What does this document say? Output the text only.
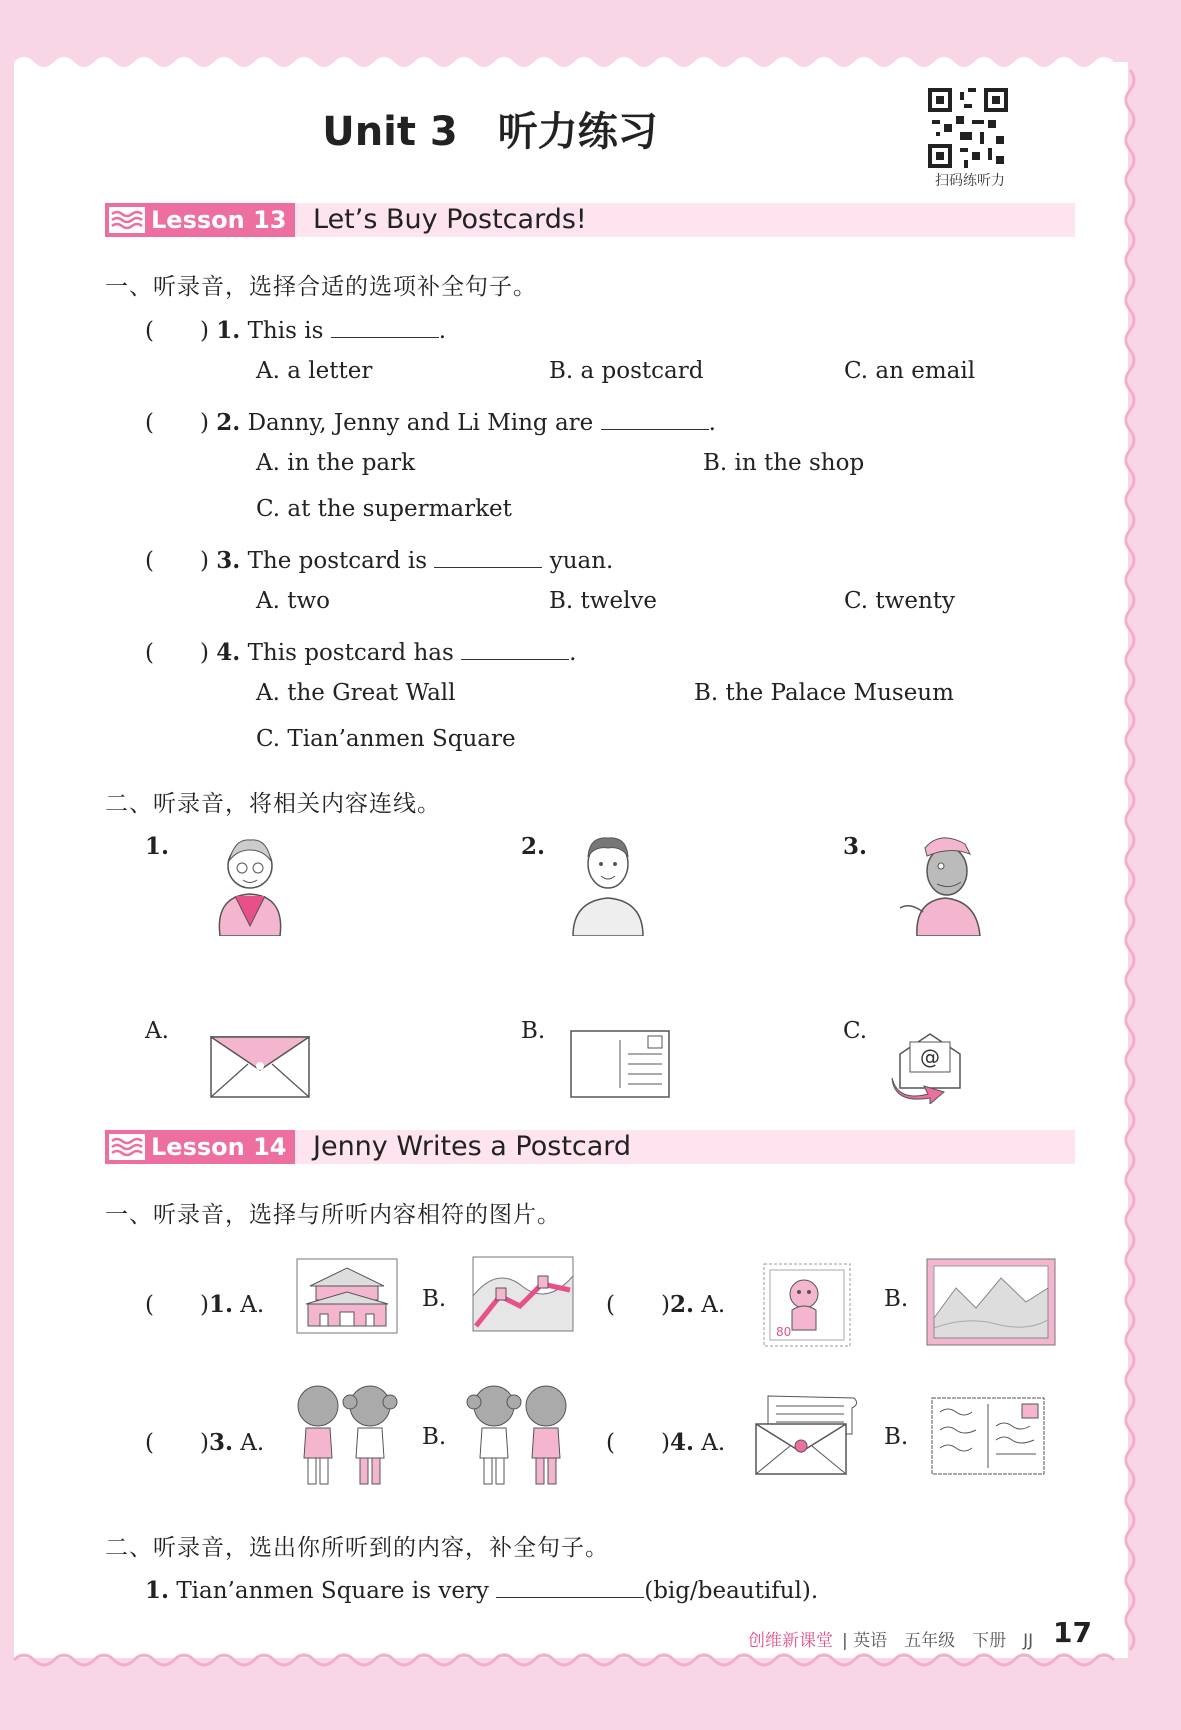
Unit 3　听力练习
扫码练听力
Lesson 13 Let’s Buy Postcards!
一、听录音，选择合适的选项补全句子。
(　　) 1. This is	.
A. a letter	B. a postcard	C. an email
(　　) 2. Danny, Jenny and Li Ming are	.
A. in the park	B. in the shop
C. at the supermarket
(　　) 3. The postcard is	yuan.
A. two	B. twelve	C. twenty
(　　) 4. This postcard has	.
A. the Great Wall	B. the Palace Museum
C. Tian’anmen Square
二、听录音，将相关内容连线。
1.	2.	3.
A.	B.	C.
@
Lesson 14 Jenny Writes a Postcard
一、听录音，选择与所听内容相符的图片。
(　　)1. A.	B.	(　　)2. A.
80
B.
(　　)3. A.	B.	(　　)4. A.	B.
二、听录音，选出你所听到的内容，补全句子。
1. Tian’anmen Square is very	(big/beautiful).
创维新课堂 | 英语　五年级　下册　JJ 17
